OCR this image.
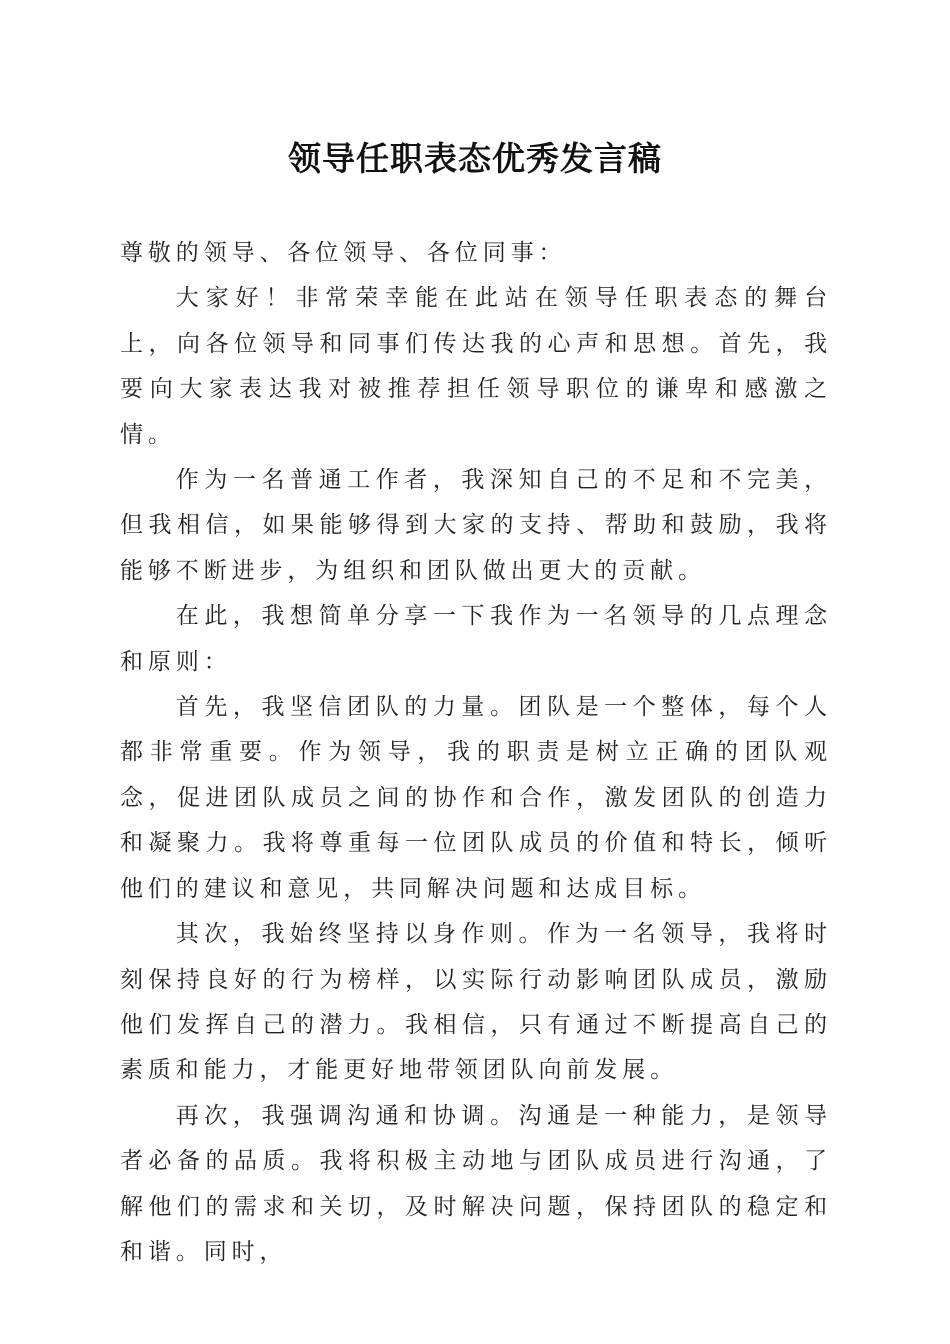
领导任职表态优秀发言稿

尊敬的领导、各位领导、各位同事：

大家好！非常荣幸能在此站在领导任职表态的舞台上，向各位领导和同事们传达我的心声和思想。首先，我要向大家表达我对被推荐担任领导职位的谦卑和感激之情。

作为一名普通工作者，我深知自己的不足和不完美，但我相信，如果能够得到大家的支持、帮助和鼓励，我将能够不断进步，为组织和团队做出更大的贡献。

在此，我想简单分享一下我作为一名领导的几点理念和原则：

首先，我坚信团队的力量。团队是一个整体，每个人都非常重要。作为领导，我的职责是树立正确的团队观念，促进团队成员之间的协作和合作，激发团队的创造力和凝聚力。我将尊重每一位团队成员的价值和特长，倾听他们的建议和意见，共同解决问题和达成目标。

其次，我始终坚持以身作则。作为一名领导，我将时刻保持良好的行为榜样，以实际行动影响团队成员，激励他们发挥自己的潜力。我相信，只有通过不断提高自己的素质和能力，才能更好地带领团队向前发展。

再次，我强调沟通和协调。沟通是一种能力，是领导者必备的品质。我将积极主动地与团队成员进行沟通，了解他们的需求和关切，及时解决问题，保持团队的稳定和和谐。同时，
